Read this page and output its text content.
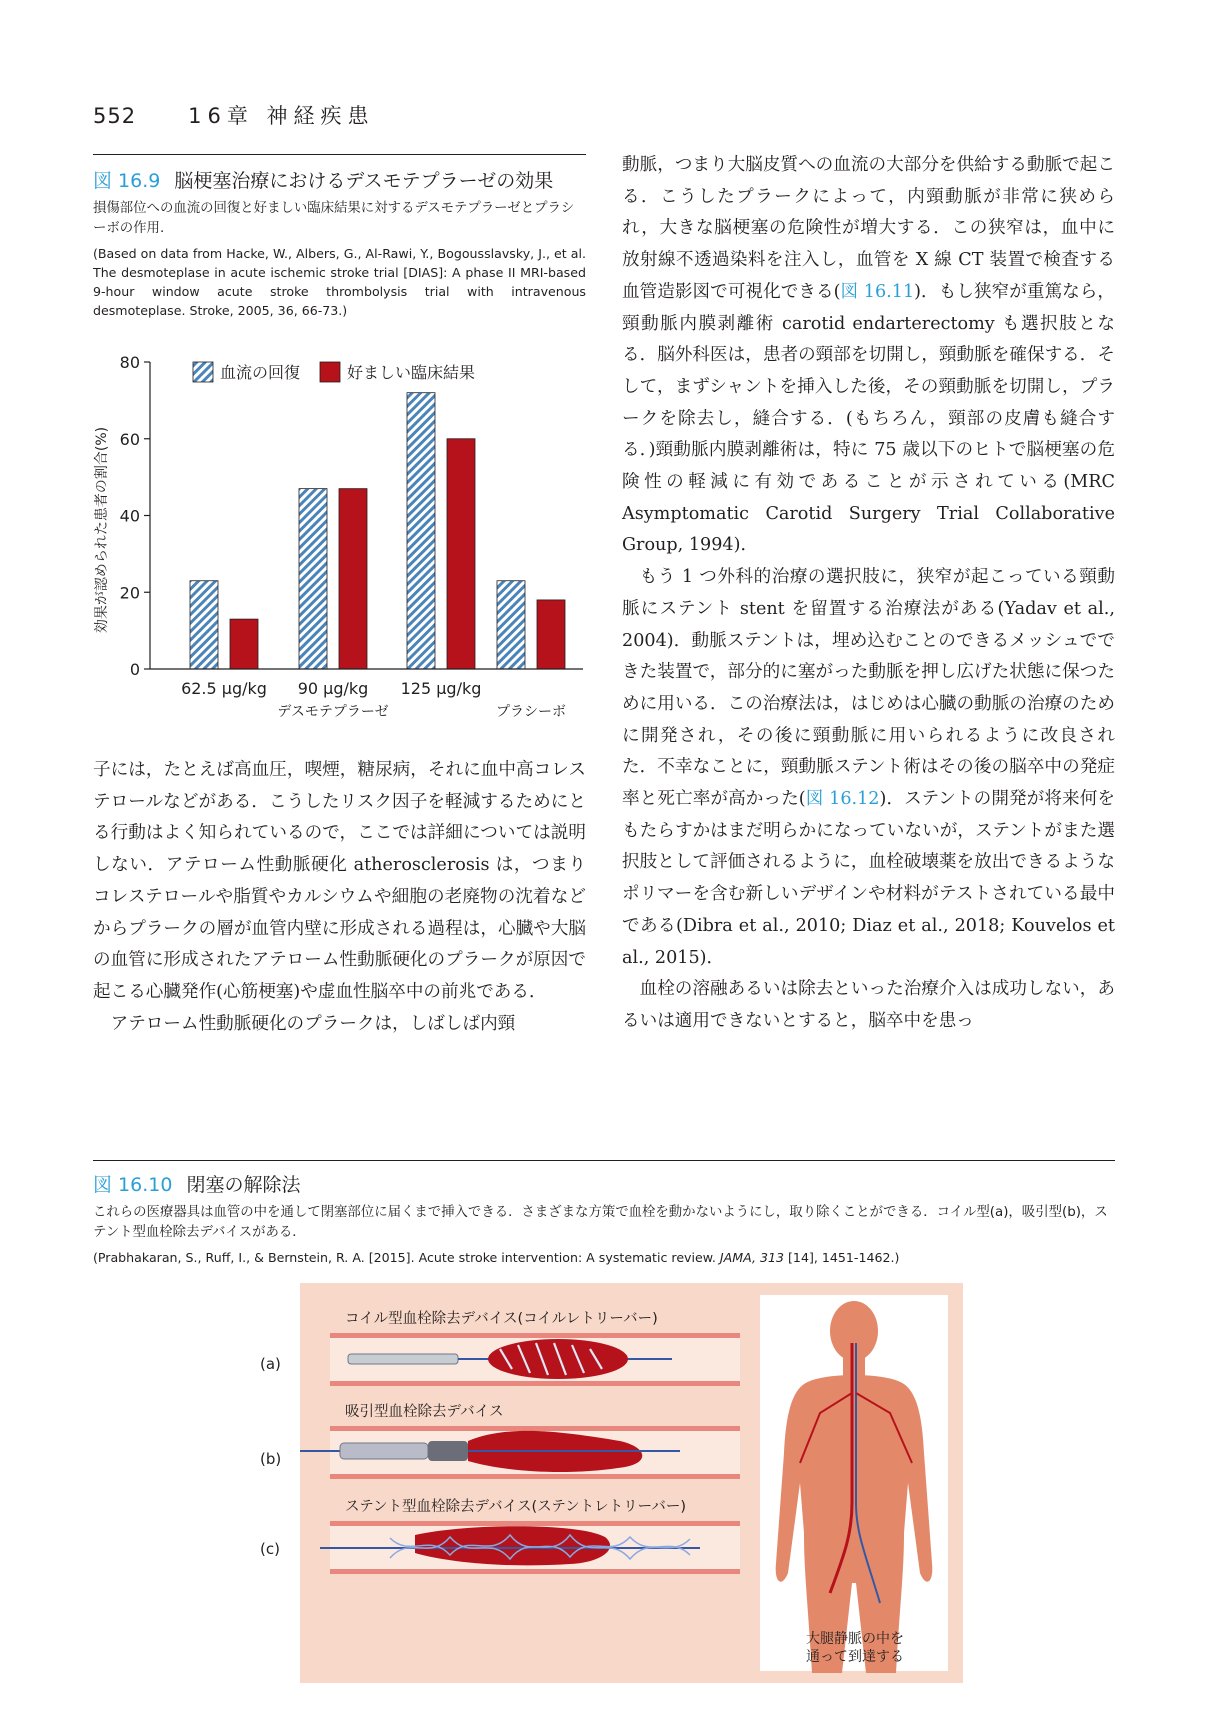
552 16章 神経疾患
図 16.9 脳梗塞治療におけるデスモテプラーゼの効果
損傷部位への血流の回復と好ましい臨床結果に対するデスモテプラーゼとプラシーボの作用.
(Based on data from Hacke, W., Albers, G., Al-Rawi, Y., Bogousslavsky, J., et al. The desmoteplase in acute ischemic stroke trial [DIAS]: A phase II MRI-based 9-hour window acute stroke thrombolysis trial with intravenous desmoteplase. Stroke, 2005, 36, 66-73.)
0
20
40
60
80
血流の回復	好ましい臨床結果
62.5 μg/kg 90 μg/kg 125 μg/kg
デスモテプラーゼ	プラシーボ
効果が認められた患者の割合(%)

子には，たとえば高血圧，喫煙，糖尿病，それに血中高コレステロールなどがある．こうしたリスク因子を軽減するためにとる行動はよく知られているので，ここでは詳細については説明しない．アテローム性動脈硬化 atherosclerosis は，つまりコレステロールや脂質やカルシウムや細胞の老廃物の沈着などからプラークの層が血管内壁に形成される過程は，心臓や大脳の血管に形成されたアテローム性動脈硬化のプラークが原因で起こる心臓発作(心筋梗塞)や虚血性脳卒中の前兆である．

アテローム性動脈硬化のプラークは，しばしば内頸

動脈，つまり大脳皮質への血流の大部分を供給する動脈で起こる．こうしたプラークによって，内頸動脈が非常に狭められ，大きな脳梗塞の危険性が増大する．この狭窄は，血中に放射線不透過染料を注入し，血管を X 線 CT 装置で検査する血管造影図で可視化できる(図 16.11)．もし狭窄が重篤なら，頸動脈内膜剥離術 carotid endarterectomy も選択肢となる．脳外科医は，患者の頸部を切開し，頸動脈を確保する．そして，まずシャントを挿入した後，その頸動脈を切開し，プラークを除去し，縫合する．(もちろん，頸部の皮膚も縫合する．)頸動脈内膜剥離術は，特に 75 歳以下のヒトで脳梗塞の危険性の軽減に有効であることが示されている(MRC Asymptomatic Carotid Surgery Trial Collaborative Group, 1994)．

もう 1 つ外科的治療の選択肢に，狭窄が起こっている頸動脈にステント stent を留置する治療法がある(Yadav et al., 2004)．動脈ステントは，埋め込むことのできるメッシュでできた装置で，部分的に塞がった動脈を押し広げた状態に保つために用いる．この治療法は，はじめは心臓の動脈の治療のために開発され，その後に頸動脈に用いられるように改良された．不幸なことに，頸動脈ステント術はその後の脳卒中の発症率と死亡率が高かった(図 16.12)．ステントの開発が将来何をもたらすかはまだ明らかになっていないが，ステントがまた選択肢として評価されるように，血栓破壊薬を放出できるようなポリマーを含む新しいデザインや材料がテストされている最中である(Dibra et al., 2010; Diaz et al., 2018; Kouvelos et al., 2015)．

血栓の溶融あるいは除去といった治療介入は成功しない，あるいは適用できないとすると，脳卒中を患っ

図 16.10 閉塞の解除法
これらの医療器具は血管の中を通して閉塞部位に届くまで挿入できる．さまざまな方策で血栓を動かないようにし，取り除くことができる．コイル型(a)，吸引型(b)，ステント型血栓除去デバイスがある．
(Prabhakaran, S., Ruff, I., & Bernstein, R. A. [2015]. Acute stroke intervention: A systematic review. JAMA, 313 [14], 1451-1462.)
(a)
(b)
(c)
コイル型血栓除去デバイス(コイルレトリーバー)
吸引型血栓除去デバイス
ステント型血栓除去デバイス(ステントレトリーバー)
大腿静脈の中を
通って到達する
